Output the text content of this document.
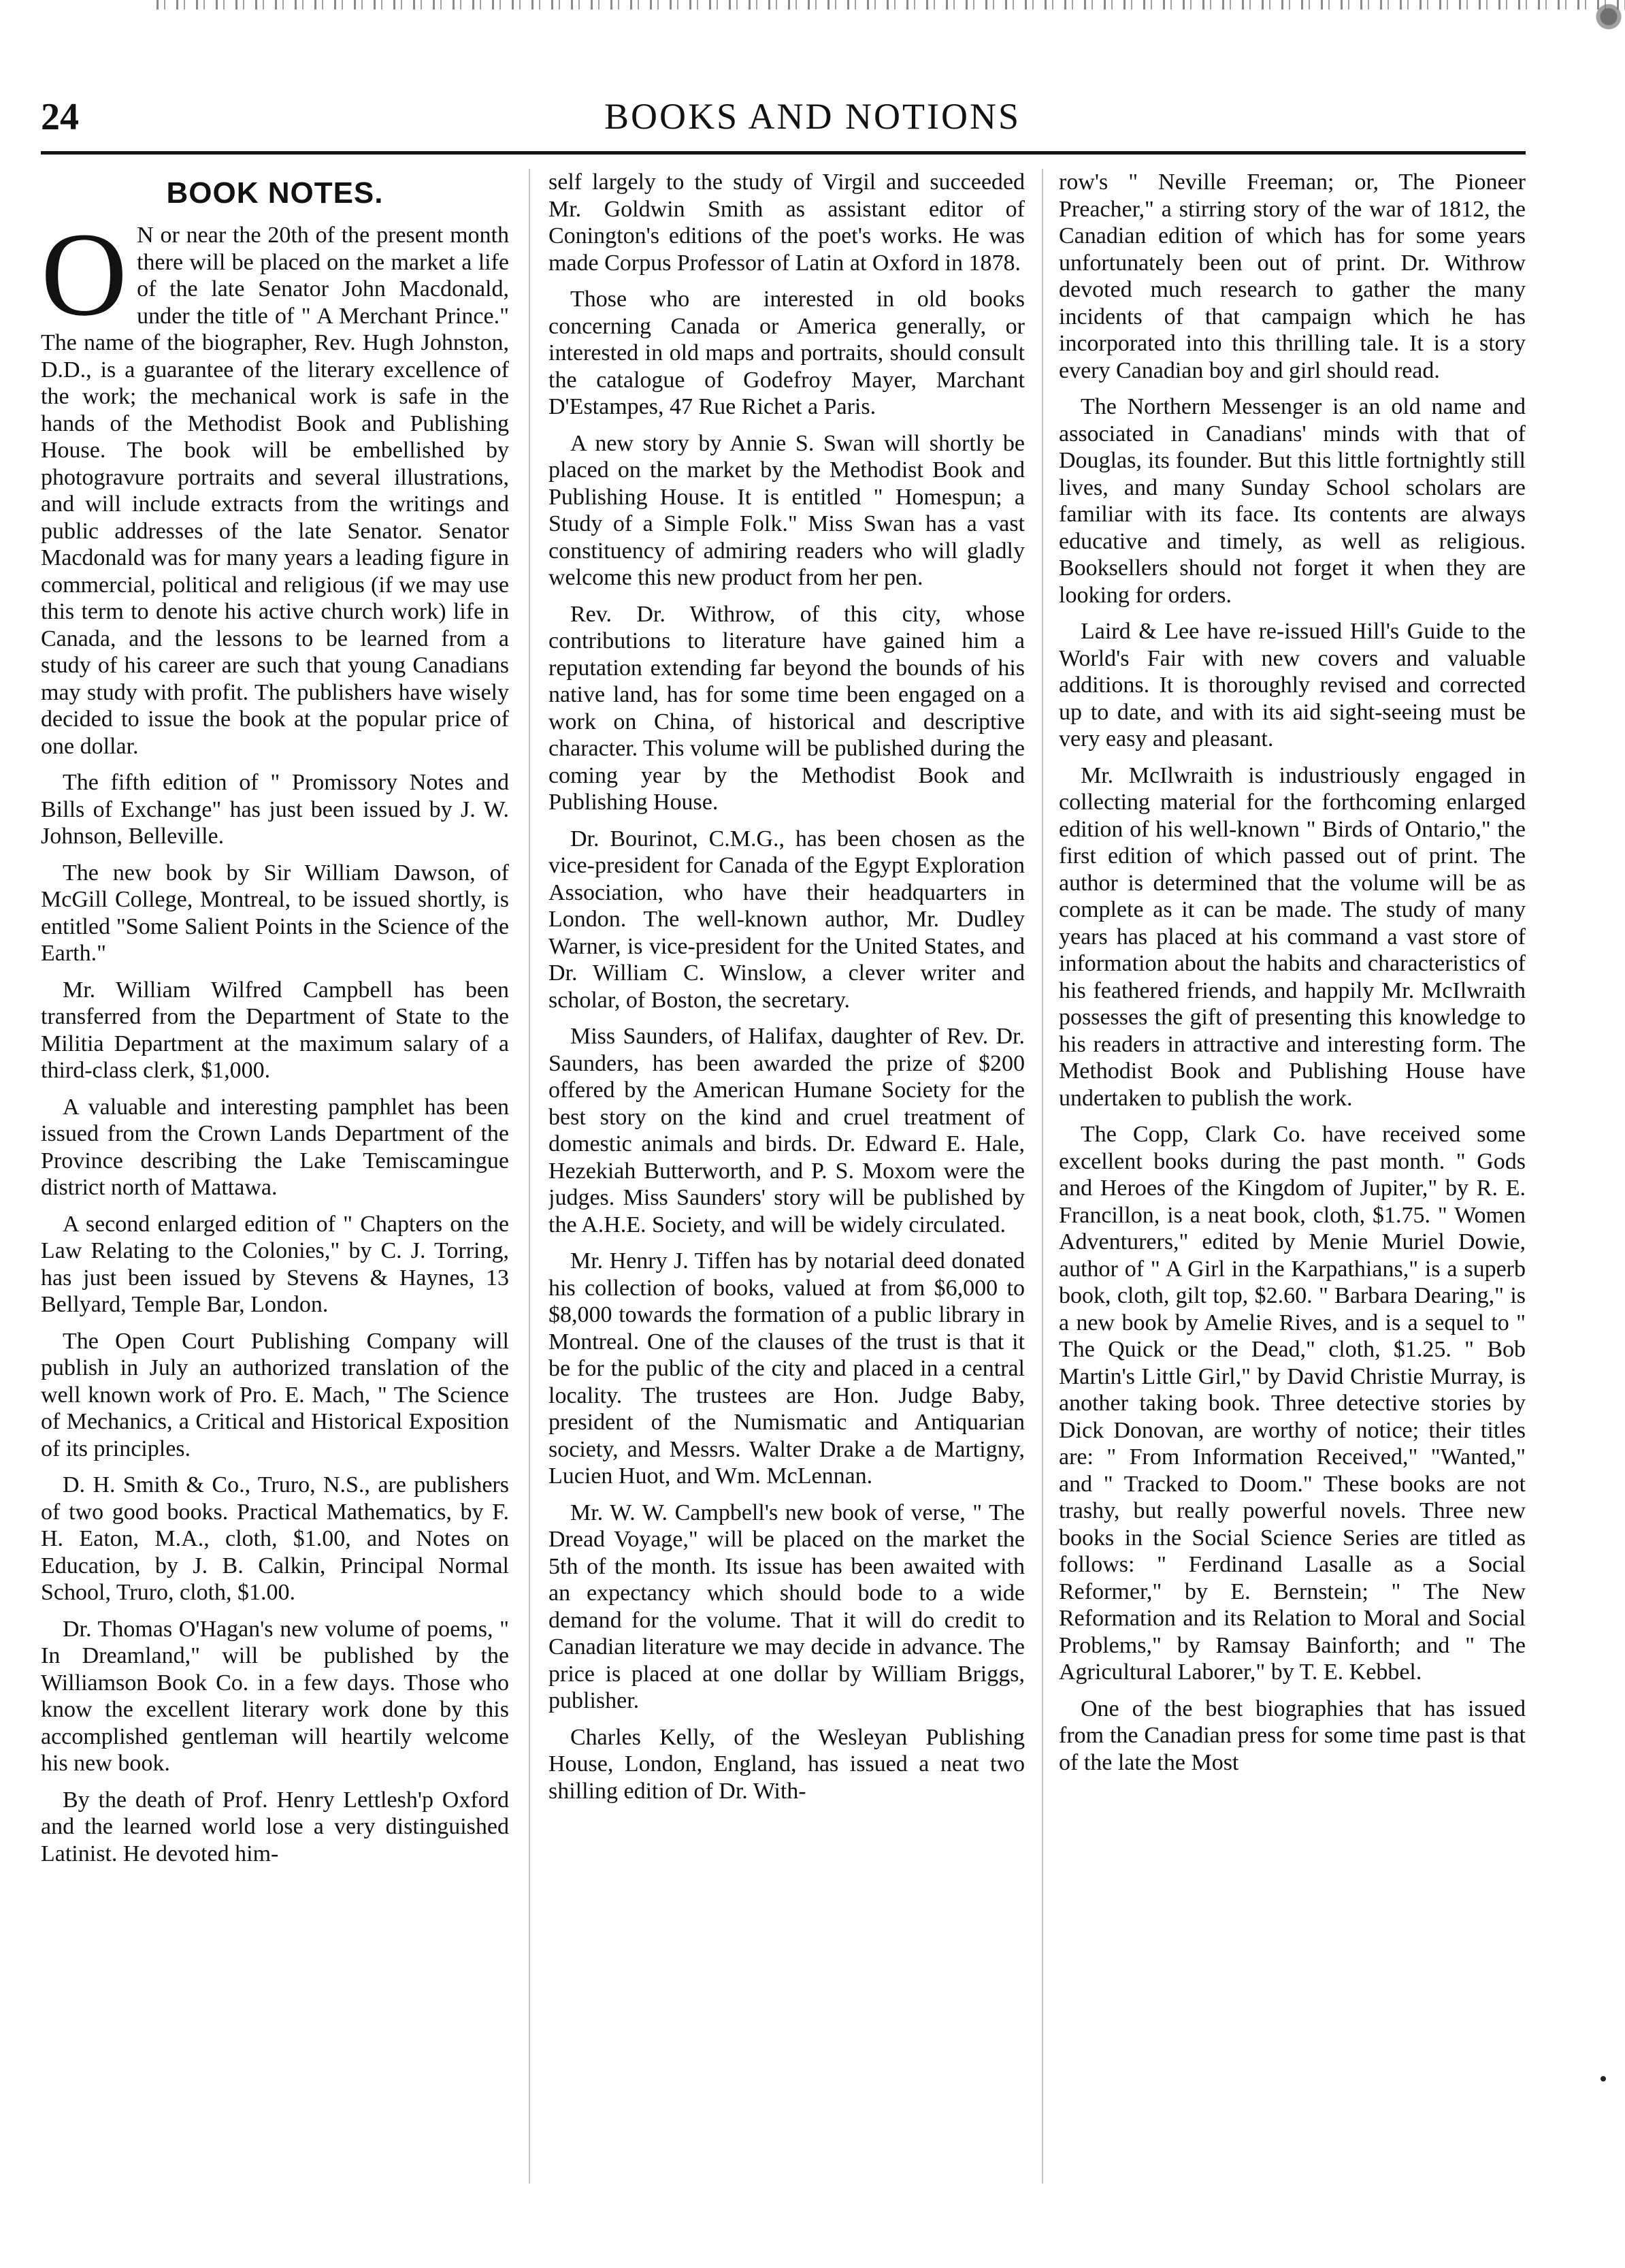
24	BOOKS AND NOTIONS
BOOK NOTES.

O N or near the 20th of the present month there will be placed on the market a life of the late Senator John Macdonald, under the title of " A Merchant Prince." The name of the biographer, Rev. Hugh Johnston, D.D., is a guarantee of the literary excellence of the work; the mechanical work is safe in the hands of the Methodist Book and Publishing House. The book will be embellished by photogravure portraits and several illustrations, and will include extracts from the writings and public addresses of the late Senator. Senator Macdonald was for many years a leading figure in commercial, political and religious (if we may use this term to denote his active church work) life in Canada, and the lessons to be learned from a study of his career are such that young Canadians may study with profit. The publishers have wisely decided to issue the book at the popular price of one dollar.

The fifth edition of " Promissory Notes and Bills of Exchange" has just been issued by J. W. Johnson, Belleville.

The new book by Sir William Dawson, of McGill College, Montreal, to be issued shortly, is entitled "Some Salient Points in the Science of the Earth."

Mr. William Wilfred Campbell has been transferred from the Department of State to the Militia Department at the maximum salary of a third-class clerk, $1,000.

A valuable and interesting pamphlet has been issued from the Crown Lands Department of the Province describing the Lake Temiscamingue district north of Mattawa.

A second enlarged edition of " Chapters on the Law Relating to the Colonies," by C. J. Torring, has just been issued by Stevens & Haynes, 13 Bellyard, Temple Bar, London.

The Open Court Publishing Company will publish in July an authorized translation of the well known work of Pro. E. Mach, " The Science of Mechanics, a Critical and Historical Exposition of its principles.

D. H. Smith & Co., Truro, N.S., are publishers of two good books. Practical Mathematics, by F. H. Eaton, M.A., cloth, $1.00, and Notes on Education, by J. B. Calkin, Principal Normal School, Truro, cloth, $1.00.

Dr. Thomas O'Hagan's new volume of poems, " In Dreamland," will be published by the Williamson Book Co. in a few days. Those who know the excellent literary work done by this accomplished gentleman will heartily welcome his new book.

By the death of Prof. Henry Lettlesh'p Oxford and the learned world lose a very distinguished Latinist. He devoted him-

self largely to the study of Virgil and succeeded Mr. Goldwin Smith as assistant editor of Conington's editions of the poet's works. He was made Corpus Professor of Latin at Oxford in 1878.

Those who are interested in old books concerning Canada or America generally, or interested in old maps and portraits, should consult the catalogue of Godefroy Mayer, Marchant D'Estampes, 47 Rue Richet a Paris.

A new story by Annie S. Swan will shortly be placed on the market by the Methodist Book and Publishing House. It is entitled " Homespun; a Study of a Simple Folk." Miss Swan has a vast constituency of admiring readers who will gladly welcome this new product from her pen.

Rev. Dr. Withrow, of this city, whose contributions to literature have gained him a reputation extending far beyond the bounds of his native land, has for some time been engaged on a work on China, of historical and descriptive character. This volume will be published during the coming year by the Methodist Book and Publishing House.

Dr. Bourinot, C.M.G., has been chosen as the vice-president for Canada of the Egypt Exploration Association, who have their headquarters in London. The well-known author, Mr. Dudley Warner, is vice-president for the United States, and Dr. William C. Winslow, a clever writer and scholar, of Boston, the secretary.

Miss Saunders, of Halifax, daughter of Rev. Dr. Saunders, has been awarded the prize of $200 offered by the American Humane Society for the best story on the kind and cruel treatment of domestic animals and birds. Dr. Edward E. Hale, Hezekiah Butterworth, and P. S. Moxom were the judges. Miss Saunders' story will be published by the A.H.E. Society, and will be widely circulated.

Mr. Henry J. Tiffen has by notarial deed donated his collection of books, valued at from $6,000 to $8,000 towards the formation of a public library in Montreal. One of the clauses of the trust is that it be for the public of the city and placed in a central locality. The trustees are Hon. Judge Baby, president of the Numismatic and Antiquarian society, and Messrs. Walter Drake a de Martigny, Lucien Huot, and Wm. McLennan.

Mr. W. W. Campbell's new book of verse, " The Dread Voyage," will be placed on the market the 5th of the month. Its issue has been awaited with an expectancy which should bode to a wide demand for the volume. That it will do credit to Canadian literature we may decide in advance. The price is placed at one dollar by William Briggs, publisher.

Charles Kelly, of the Wesleyan Publishing House, London, England, has issued a neat two shilling edition of Dr. With-

row's " Neville Freeman; or, The Pioneer Preacher," a stirring story of the war of 1812, the Canadian edition of which has for some years unfortunately been out of print. Dr. Withrow devoted much research to gather the many incidents of that campaign which he has incorporated into this thrilling tale. It is a story every Canadian boy and girl should read.

The Northern Messenger is an old name and associated in Canadians' minds with that of Douglas, its founder. But this little fortnightly still lives, and many Sunday School scholars are familiar with its face. Its contents are always educative and timely, as well as religious. Booksellers should not forget it when they are looking for orders.

Laird & Lee have re-issued Hill's Guide to the World's Fair with new covers and valuable additions. It is thoroughly revised and corrected up to date, and with its aid sight-seeing must be very easy and pleasant.

Mr. McIlwraith is industriously engaged in collecting material for the forthcoming enlarged edition of his well-known " Birds of Ontario," the first edition of which passed out of print. The author is determined that the volume will be as complete as it can be made. The study of many years has placed at his command a vast store of information about the habits and characteristics of his feathered friends, and happily Mr. McIlwraith possesses the gift of presenting this knowledge to his readers in attractive and interesting form. The Methodist Book and Publishing House have undertaken to publish the work.

The Copp, Clark Co. have received some excellent books during the past month. " Gods and Heroes of the Kingdom of Jupiter," by R. E. Francillon, is a neat book, cloth, $1.75. " Women Adventurers," edited by Menie Muriel Dowie, author of " A Girl in the Karpathians," is a superb book, cloth, gilt top, $2.60. " Barbara Dearing," is a new book by Amelie Rives, and is a sequel to " The Quick or the Dead," cloth, $1.25. " Bob Martin's Little Girl," by David Christie Murray, is another taking book. Three detective stories by Dick Donovan, are worthy of notice; their titles are: " From Information Received," "Wanted," and " Tracked to Doom." These books are not trashy, but really powerful novels. Three new books in the Social Science Series are titled as follows: " Ferdinand Lasalle as a Social Reformer," by E. Bernstein; " The New Reformation and its Relation to Moral and Social Problems," by Ramsay Bainforth; and " The Agricultural Laborer," by T. E. Kebbel.

One of the best biographies that has issued from the Canadian press for some time past is that of the late the Most
